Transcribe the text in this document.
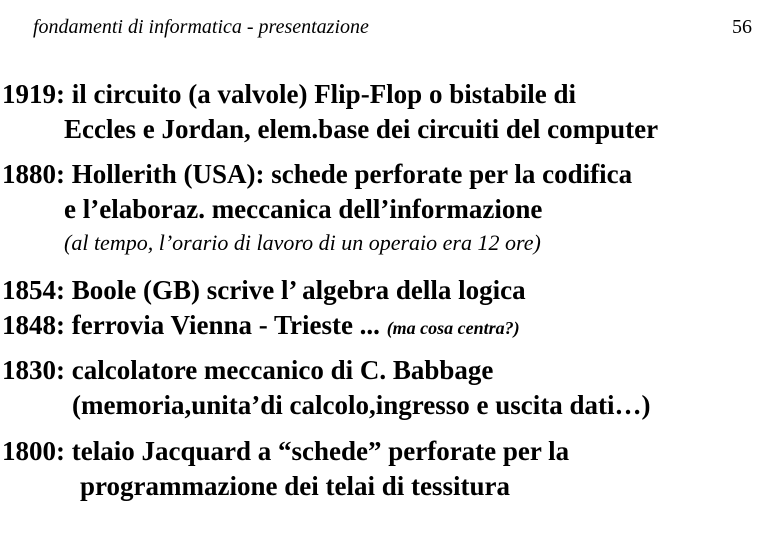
fondamenti di informatica - presentazione	56
1919: il circuito (a valvole) Flip-Flop o bistabile di
Eccles e Jordan, elem.base dei circuiti del computer
1880: Hollerith (USA): schede perforate per la codifica
e l’elaboraz. meccanica dell’informazione
(al tempo, l’orario di lavoro di un operaio era 12 ore)
1854: Boole (GB) scrive l’ algebra della logica
1848: ferrovia Vienna - Trieste ... (ma cosa centra?)
1830: calcolatore meccanico di C. Babbage
(memoria,unita’di calcolo,ingresso e uscita dati…)
1800: telaio Jacquard a “schede” perforate per la
programmazione dei telai di tessitura
